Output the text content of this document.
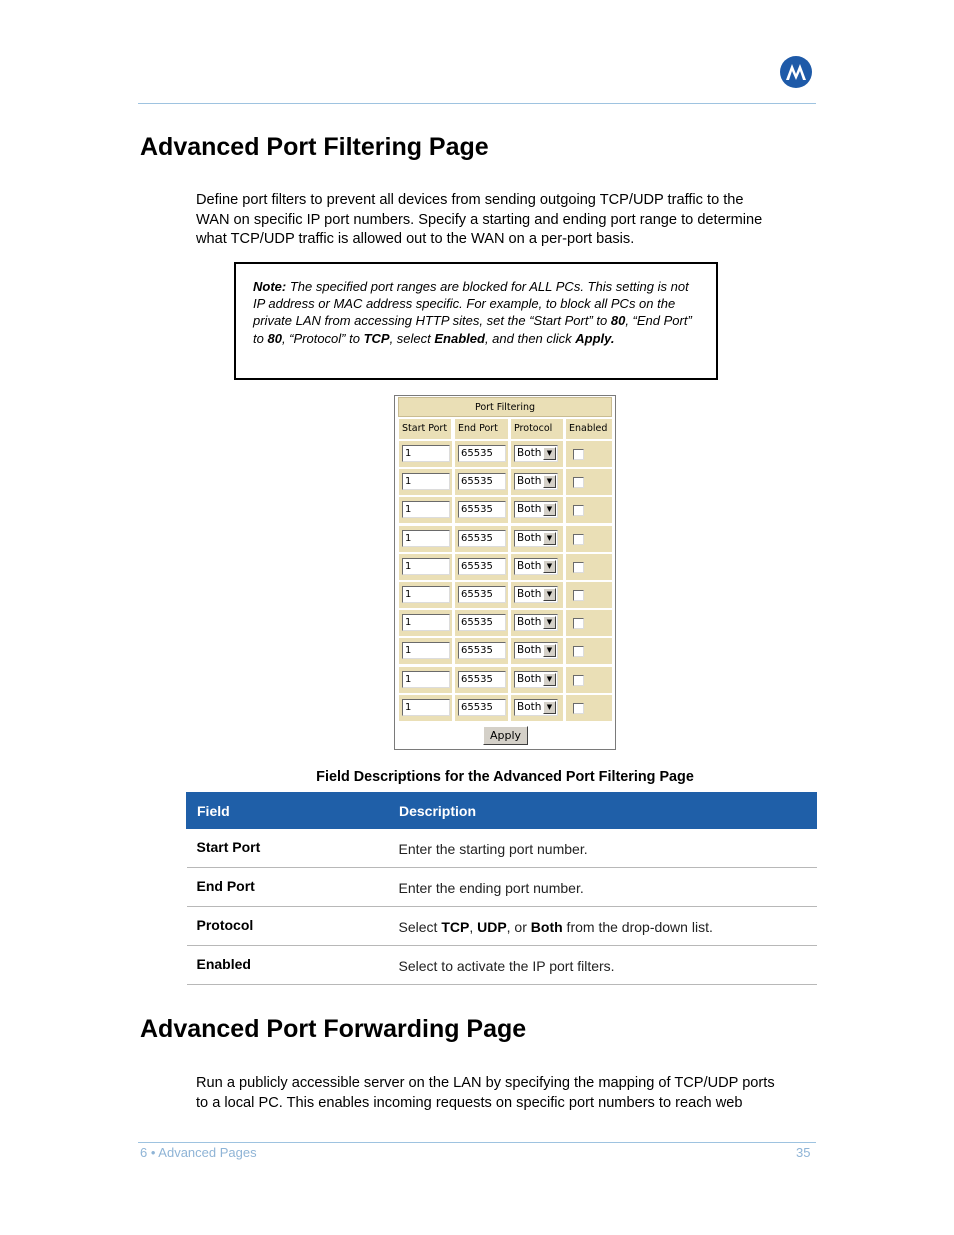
Advanced Port Filtering Page
Define port filters to prevent all devices from sending outgoing TCP/UDP traffic to the
WAN on specific IP port numbers. Specify a starting and ending port range to determine
what TCP/UDP traffic is allowed out to the WAN on a per-port basis.
Note: The specified port ranges are blocked for ALL PCs. This setting is not IP address or MAC address specific. For example, to block all PCs on the private LAN from accessing HTTP sites, set the “Start Port” to 80, “End Port” to 80, “Protocol” to TCP, select Enabled, and then click Apply.
Port Filtering
Start Port	End Port	Protocol	Enabled
1	65535	Both ▼
1	65535	Both ▼
1	65535	Both ▼
1	65535	Both ▼
1	65535	Both ▼
1	65535	Both ▼
1	65535	Both ▼
1	65535	Both ▼
1	65535	Both ▼
1	65535	Both ▼
Apply
Field Descriptions for the Advanced Port Filtering Page
Field	Description
Start Port	Enter the starting port number.
End Port	Enter the ending port number.
Protocol	Select TCP, UDP, or Both from the drop-down list.
Enabled	Select to activate the IP port filters.
Advanced Port Forwarding Page
Run a publicly accessible server on the LAN by specifying the mapping of TCP/UDP ports
to a local PC. This enables incoming requests on specific port numbers to reach web
6 • Advanced Pages	35
